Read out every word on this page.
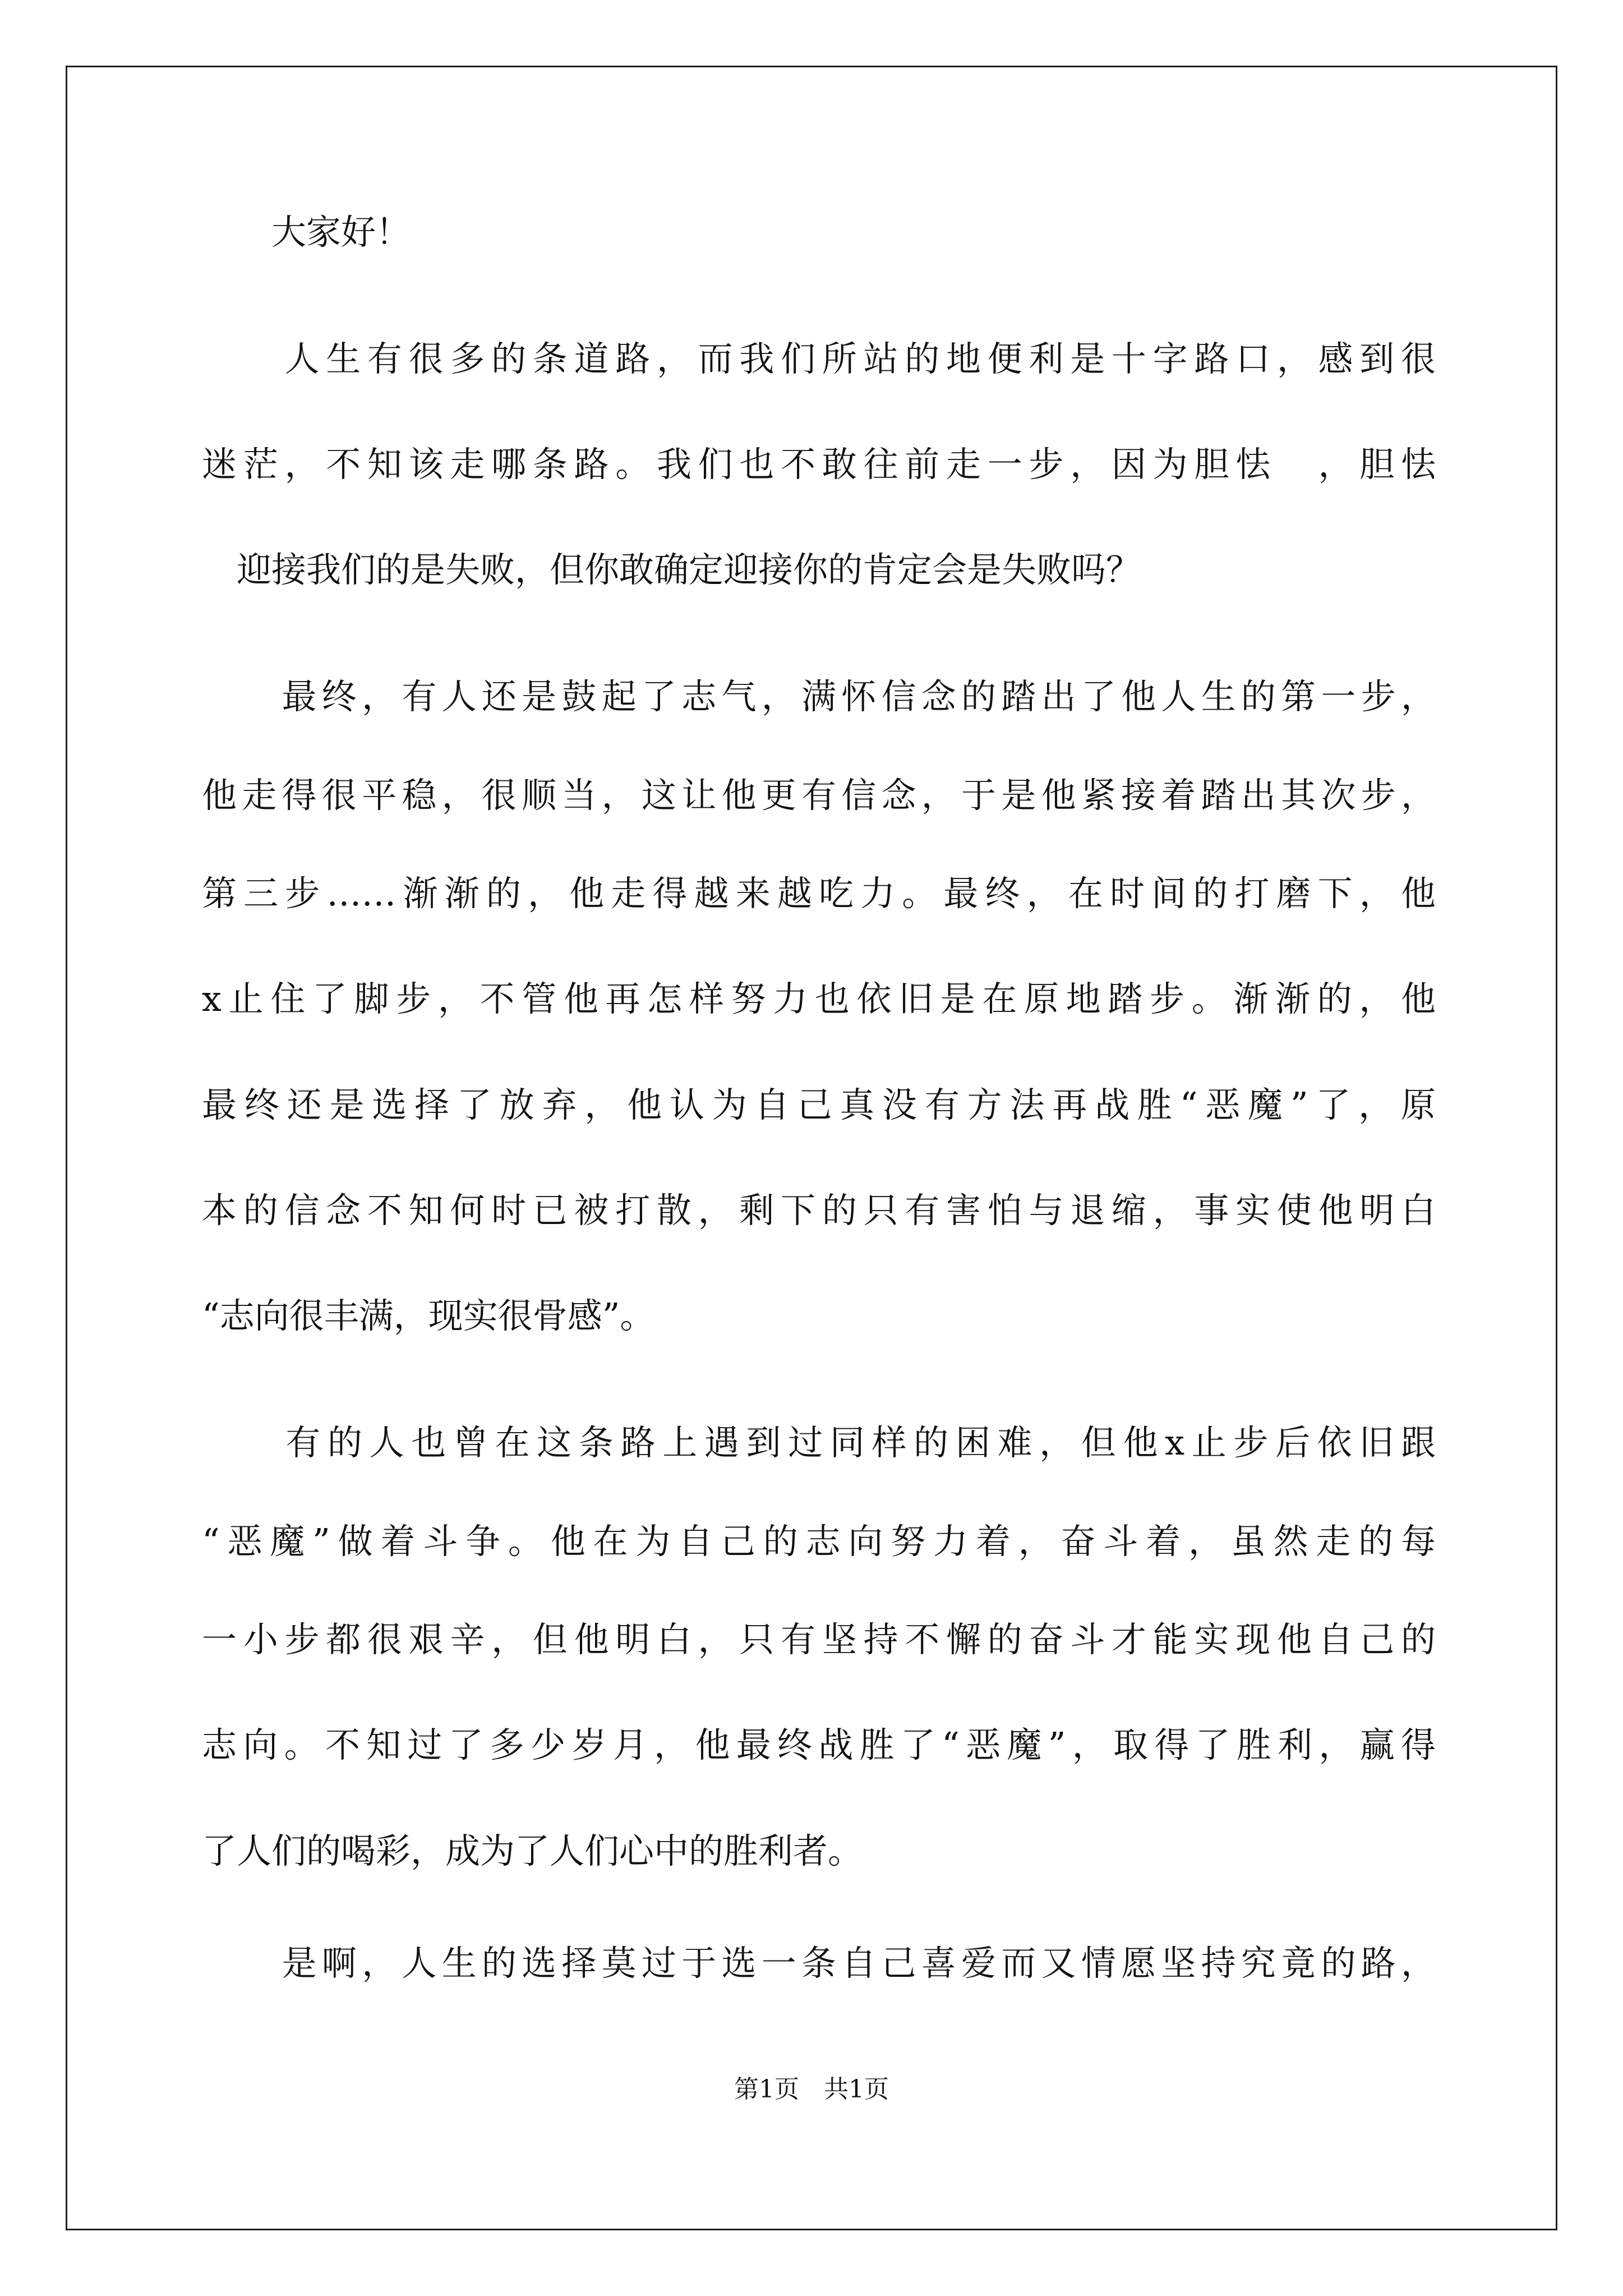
　　大家好！
　　人生有很多的条道路，而我们所站的地便利是十字路口，感到很
迷茫，不知该走哪条路。我们也不敢往前走一步，因为胆怯　，胆怯
　迎接我们的是失败，但你敢确定迎接你的肯定会是失败吗？
　　最终，有人还是鼓起了志气，满怀信念的踏出了他人生的第一步，
他走得很平稳，很顺当，这让他更有信念，于是他紧接着踏出其次步，
第三步……渐渐的，他走得越来越吃力。最终，在时间的打磨下，他
x止住了脚步，不管他再怎样努力也依旧是在原地踏步。渐渐的，他
最终还是选择了放弃，他认为自己真没有方法再战胜“恶魔”了，原
本的信念不知何时已被打散，剩下的只有害怕与退缩，事实使他明白
“志向很丰满，现实很骨感”。
　　有的人也曾在这条路上遇到过同样的困难，但他x止步后依旧跟
“恶魔”做着斗争。他在为自己的志向努力着，奋斗着，虽然走的每
一小步都很艰辛，但他明白，只有坚持不懈的奋斗才能实现他自己的
志向。不知过了多少岁月，他最终战胜了“恶魔”，取得了胜利，赢得
了人们的喝彩，成为了人们心中的胜利者。
　　是啊，人生的选择莫过于选一条自己喜爱而又情愿坚持究竟的路，
第1页　共1页
